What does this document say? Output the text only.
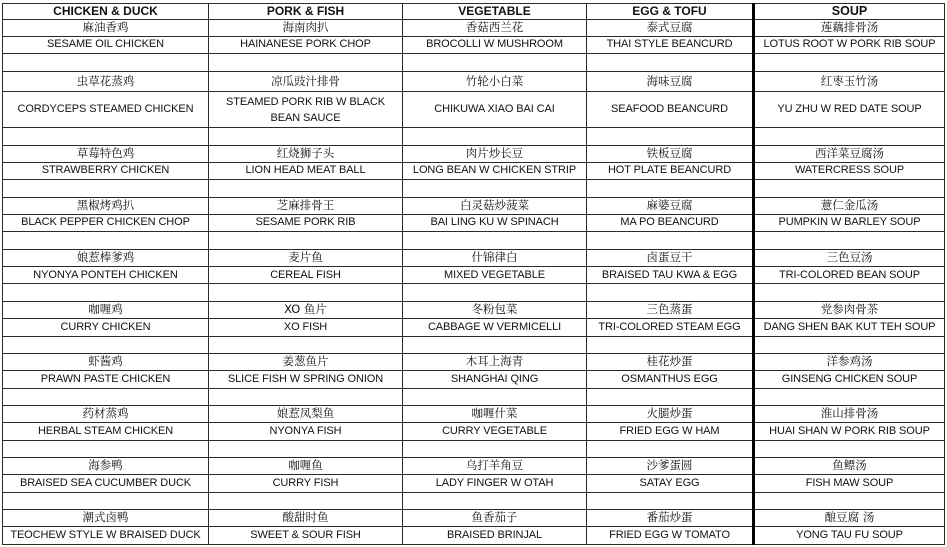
CHICKEN & DUCK	PORK & FISH	VEGETABLE	EGG & TOFU	SOUP
麻油香鸡	海南肉扒	香菇西兰花	泰式豆腐	莲藕排骨汤
SESAME OIL CHICKEN	HAINANESE PORK CHOP	BROCOLLI W MUSHROOM	THAI STYLE BEANCURD	LOTUS ROOT W PORK RIB SOUP

虫草花蒸鸡	凉瓜豉汁排骨	竹轮小白菜	海味豆腐	红枣玉竹汤
CORDYCEPS STEAMED CHICKEN	STEAMED PORK RIB W BLACK BEAN SAUCE	CHIKUWA XIAO BAI CAI	SEAFOOD BEANCURD	YU ZHU W RED DATE SOUP

草莓特色鸡	红烧狮子头	肉片炒长豆	铁板豆腐	西洋菜豆腐汤
STRAWBERRY CHICKEN	LION HEAD MEAT BALL	LONG BEAN W CHICKEN STRIP	HOT PLATE BEANCURD	WATERCRESS SOUP

黑椒烤鸡扒	芝麻排骨王	白灵菇炒菠菜	麻婆豆腐	薏仁金瓜汤
BLACK PEPPER CHICKEN CHOP	SESAME PORK RIB	BAI LING KU W SPINACH	MA PO BEANCURD	PUMPKIN W BARLEY SOUP

娘惹棒爹鸡	麦片鱼	什锦律白	卤蛋豆干	三色豆汤
NYONYA PONTEH CHICKEN	CEREAL FISH	MIXED VEGETABLE	BRAISED TAU KWA & EGG	TRI-COLORED BEAN SOUP

咖喱鸡	XO 鱼片	冬粉包菜	三色蒸蛋	党参肉骨茶
CURRY CHICKEN	XO FISH	CABBAGE W VERMICELLI	TRI-COLORED STEAM EGG	DANG SHEN BAK KUT TEH SOUP

虾酱鸡	姜葱鱼片	木耳上海青	桂花炒蛋	洋参鸡汤
PRAWN PASTE CHICKEN	SLICE FISH W SPRING ONION	SHANGHAI QING	OSMANTHUS EGG	GINSENG CHICKEN SOUP

药材蒸鸡	娘惹凤梨鱼	咖喱什菜	火腿炒蛋	淮山排骨汤
HERBAL STEAM CHICKEN	NYONYA FISH	CURRY VEGETABLE	FRIED EGG W HAM	HUAI SHAN W PORK RIB SOUP

海参鸭	咖喱鱼	乌打羊角豆	沙爹蛋圆	鱼鳔汤
BRAISED SEA CUCUMBER DUCK	CURRY FISH	LADY FINGER W OTAH	SATAY EGG	FISH MAW SOUP

潮式卤鸭	酸甜时鱼	鱼香茄子	番茄炒蛋	酿豆腐 汤
TEOCHEW STYLE W BRAISED DUCK	SWEET & SOUR FISH	BRAISED BRINJAL	FRIED EGG W TOMATO	YONG TAU FU SOUP
